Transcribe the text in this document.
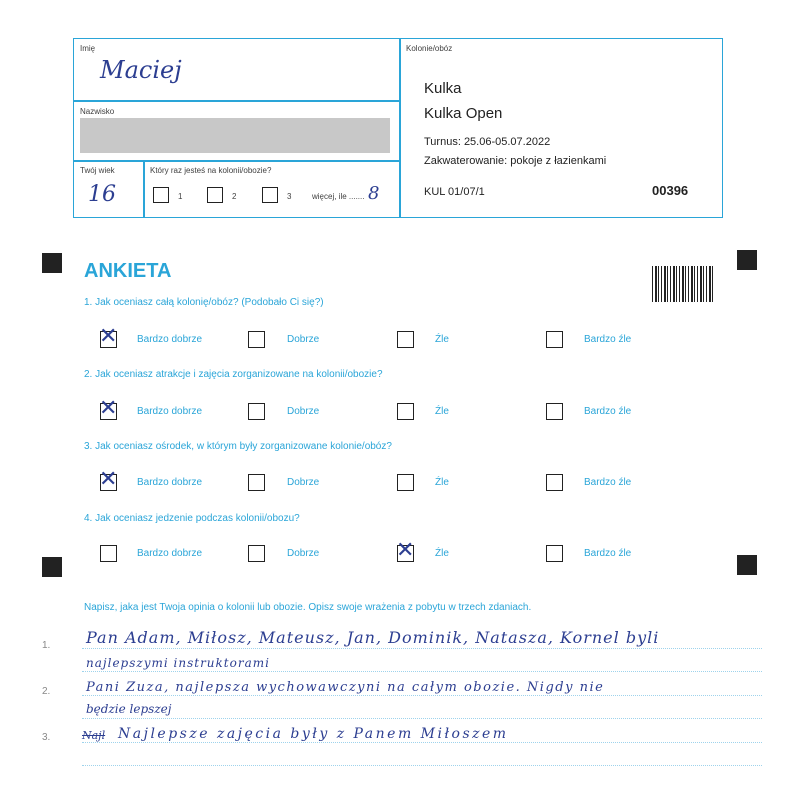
Imię
Maciej
Nazwisko
Twój wiek
16
Który raz jesteś na kolonii/obozie?
1	2	3	więcej, ile ....... 8
Kolonie/obóz
Kulka
Kulka Open
Turnus: 25.06-05.07.2022
Zakwaterowanie: pokoje z łazienkami
KUL 01/07/1	00396
ANKIETA
1. Jak oceniasz całą kolonię/obóz? (Podobało Ci się?)
2. Jak oceniasz atrakcje i zajęcia zorganizowane na kolonii/obozie?
3. Jak oceniasz ośrodek, w którym były zorganizowane kolonie/obóz?
4. Jak oceniasz jedzenie podczas kolonii/obozu?
✕ Bardzo dobrze	Dobrze	Źle	Bardzo źle
✕ Bardzo dobrze	Dobrze	Źle	Bardzo źle
✕ Bardzo dobrze	Dobrze	Źle	Bardzo źle
Bardzo dobrze	Dobrze	✕ Źle	Bardzo źle
Napisz, jaka jest Twoja opinia o kolonii lub obozie. Opisz swoje wrażenia z pobytu w trzech zdaniach.
1.
2.
3.
Pan Adam, Miłosz, Mateusz, Jan, Dominik, Natasza, Kornel byli
najlepszymi instruktorami
Pani Zuza, najlepsza wychowawczyni na całym obozie. Nigdy nie
będzie lepszej
Najl Najlepsze zajęcia były z Panem Miłoszem
